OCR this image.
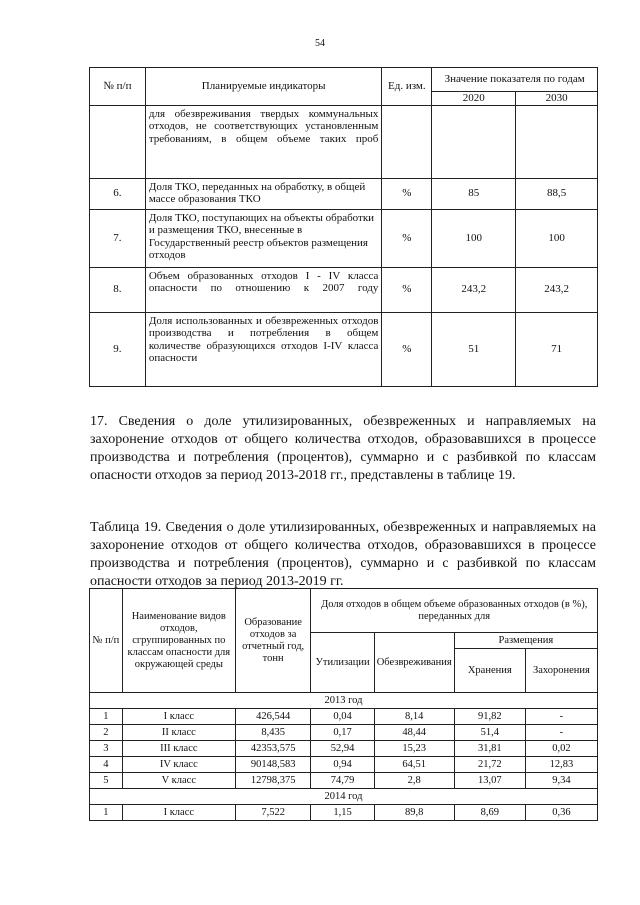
54
№ п/п	Планируемые индикаторы	Ед. изм.	Значение показателя по годам	
			2020	2030
	для обезвреживания твердых коммунальных отходов, не соответствующих установленным требованиям, в общем объеме таких проб			
6.	Доля ТКО, переданных на обработку, в общей массе образования ТКО	%	85	88,5
7.	Доля ТКО, поступающих на объекты обработки и размещения ТКО, внесенные в Государственный реестр объектов размещения отходов	%	100	100
8.	Объем образованных отходов I - IV класса опасности по отношению к 2007 году	%	243,2	243,2
9.	Доля использованных и обезвреженных отходов производства и потребления в общем количестве образующихся отходов I-IV класса опасности	%	51	71
17. Сведения о доле утилизированных, обезвреженных и направляемых на захоронение отходов от общего количества отходов, образовавшихся в процессе производства и потребления (процентов), суммарно и с разбивкой по классам опасности отходов за период 2013-2018 гг., представлены в таблице 19.
Таблица 19. Сведения о доле утилизированных, обезвреженных и направляемых на захоронение отходов от общего количества отходов, образовавшихся в процессе производства и потребления (процентов), суммарно и с разбивкой по классам опасности отходов за период 2013-2019 гг.
№ п/п	Наименование видов отходов, сгруппированных по классам опасности для окружающей среды	Образование отходов за отчетный год, тонн	Доля отходов в общем объеме образованных отходов (в %), переданных для			
			Утилизации	Обезвреживания	Размещения	
					Хранения	Захоронения
2013 год						
1	I класс	426,544	0,04	8,14	91,82	-
2	II класс	8,435	0,17	48,44	51,4	-
3	III класс	42353,575	52,94	15,23	31,81	0,02
4	IV класс	90148,583	0,94	64,51	21,72	12,83
5	V класс	12798,375	74,79	2,8	13,07	9,34
2014 год						
1	I класс	7,522	1,15	89,8	8,69	0,36
